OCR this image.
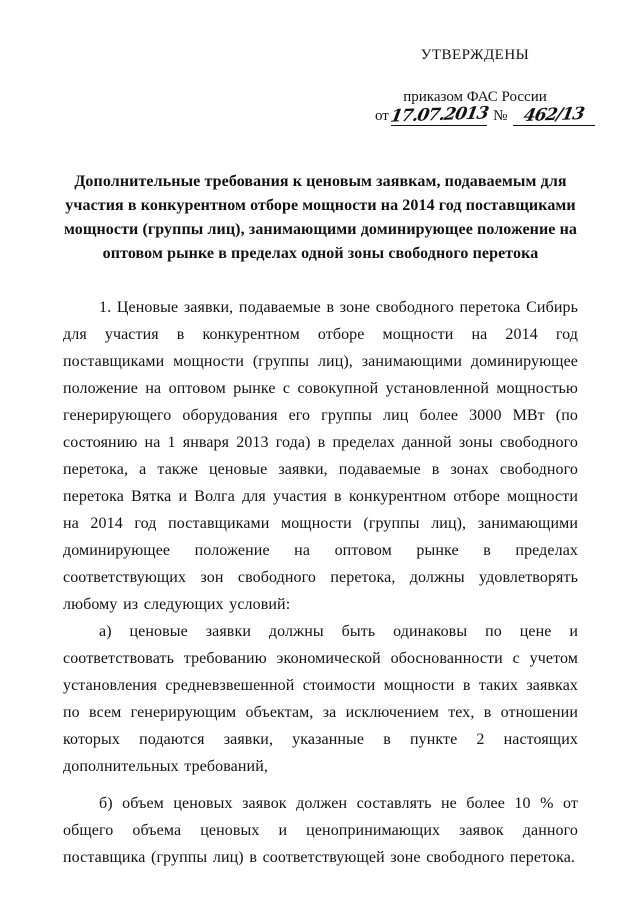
УТВЕРЖДЕНЫ
приказом ФАС России
от17.07.2013 № 462/13
Дополнительные требования к ценовым заявкам, подаваемым для участия в конкурентном отборе мощности на 2014 год поставщиками мощности (группы лиц), занимающими доминирующее положение на оптовом рынке в пределах одной зоны свободного перетока

1. Ценовые заявки, подаваемые в зоне свободного перетока Сибирь для участия в конкурентном отборе мощности на 2014 год поставщиками мощности (группы лиц), занимающими доминирующее положение на оптовом рынке с совокупной установленной мощностью генерирующего оборудования его группы лиц более 3000 МВт (по состоянию на 1 января 2013 года) в пределах данной зоны свободного перетока, а также ценовые заявки, подаваемые в зонах свободного перетока Вятка и Волга для участия в конкурентном отборе мощности на 2014 год поставщиками мощности (группы лиц), занимающими доминирующее положение на оптовом рынке в пределах соответствующих зон свободного перетока, должны удовлетворять любому из следующих условий:

а) ценовые заявки должны быть одинаковы по цене и соответствовать требованию экономической обоснованности с учетом установления средневзвешенной стоимости мощности в таких заявках по всем генерирующим объектам, за исключением тех, в отношении которых подаются заявки, указанные в пункте 2 настоящих дополнительных требований,

б) объем ценовых заявок должен составлять не более 10 % от общего объема ценовых и ценопринимающих заявок данного поставщика (группы лиц) в соответствующей зоне свободного перетока.
